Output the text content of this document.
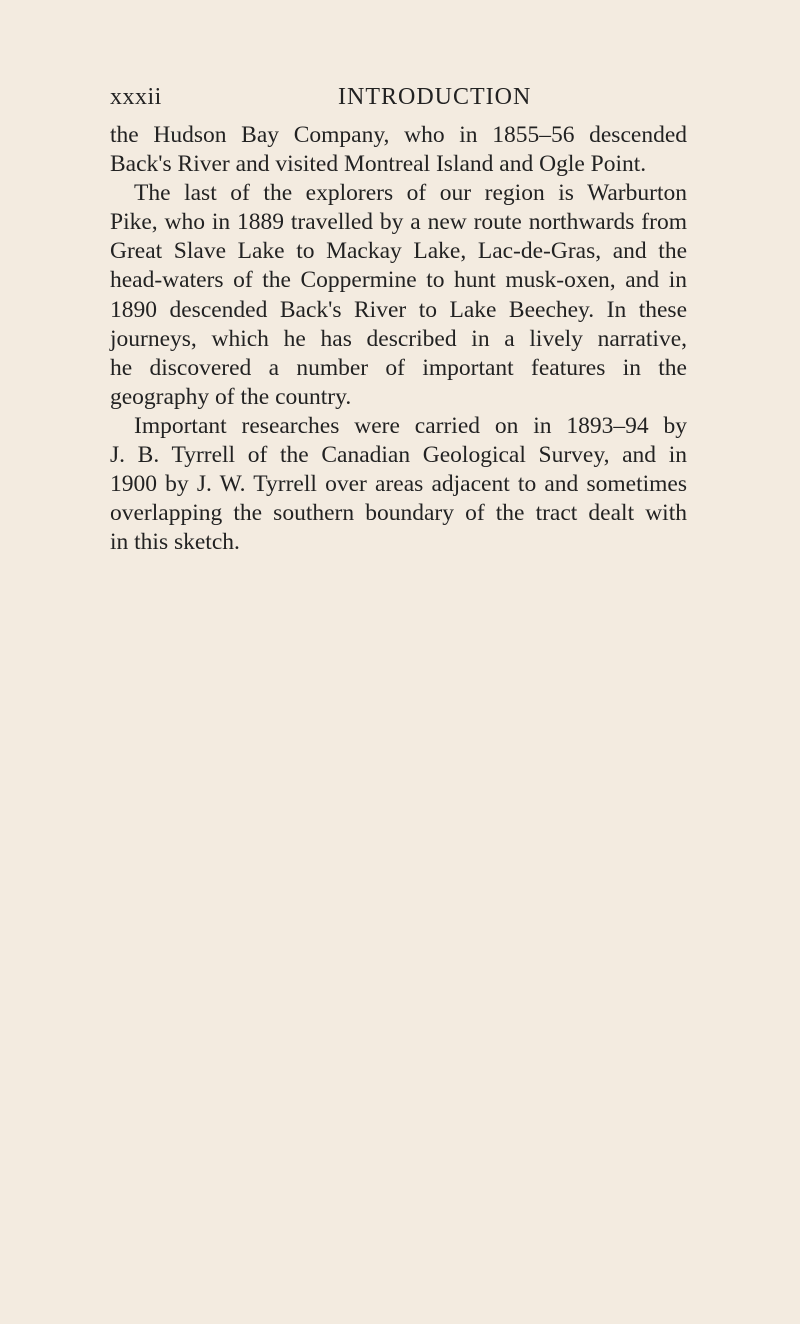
xxxii	INTRODUCTION
the Hudson Bay Company, who in 1855–56 descended
Back's River and visited Montreal Island and Ogle Point.
The last of the explorers of our region is Warburton
Pike, who in 1889 travelled by a new route northwards from
Great Slave Lake to Mackay Lake, Lac-de-Gras, and the
head-waters of the Coppermine to hunt musk-oxen, and in
1890 descended Back's River to Lake Beechey. In these
journeys, which he has described in a lively narrative,
he discovered a number of important features in the
geography of the country.
Important researches were carried on in 1893–94 by
J. B. Tyrrell of the Canadian Geological Survey, and in
1900 by J. W. Tyrrell over areas adjacent to and sometimes
overlapping the southern boundary of the tract dealt with
in this sketch.
